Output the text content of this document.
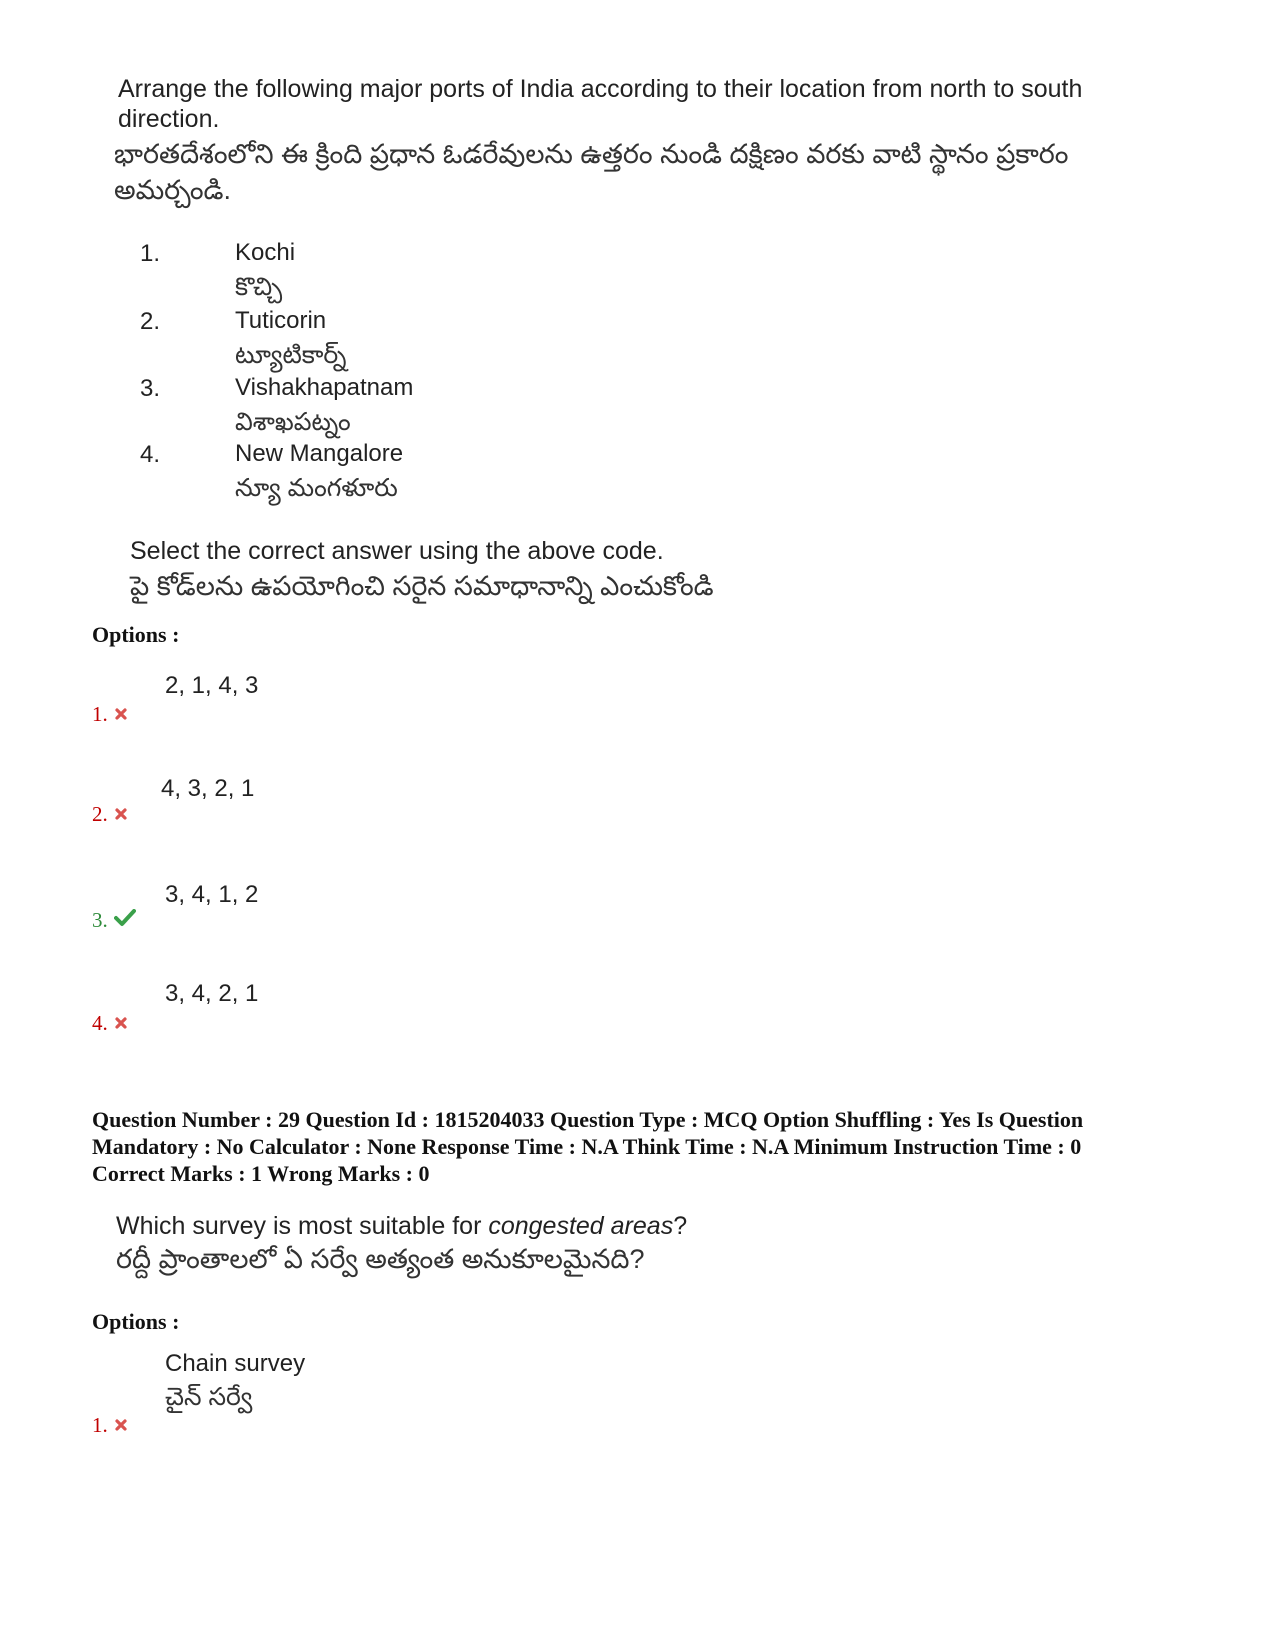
Arrange the following major ports of India according to their location from north to south direction.
భారతదేశంలోని ఈ క్రింది ప్రధాన ఓడరేవులను ఉత్తరం నుండి దక్షిణం వరకు వాటి స్థానం ప్రకారం అమర్చండి.
1.	Kochi
కొచ్చి
2.	Tuticorin
ట్యూటికార్న్
3.	Vishakhapatnam
విశాఖపట్నం
4.	New Mangalore
న్యూ మంగళూరు
Select the correct answer using the above code.
పై కోడ్‌లను ఉపయోగించి సరైన సమాధానాన్ని ఎంచుకోండి
Options :
2, 1, 4, 3
1.
4, 3, 2, 1
2.
3, 4, 1, 2
3.
3, 4, 2, 1
4.
Question Number : 29 Question Id : 1815204033 Question Type : MCQ Option Shuffling : Yes Is Question
Mandatory : No Calculator : None Response Time : N.A Think Time : N.A Minimum Instruction Time : 0
Correct Marks : 1 Wrong Marks : 0
Which survey is most suitable for congested areas?
రద్దీ ప్రాంతాలలో ఏ సర్వే అత్యంత అనుకూలమైనది?
Options :
Chain survey
చైన్ సర్వే
1.
